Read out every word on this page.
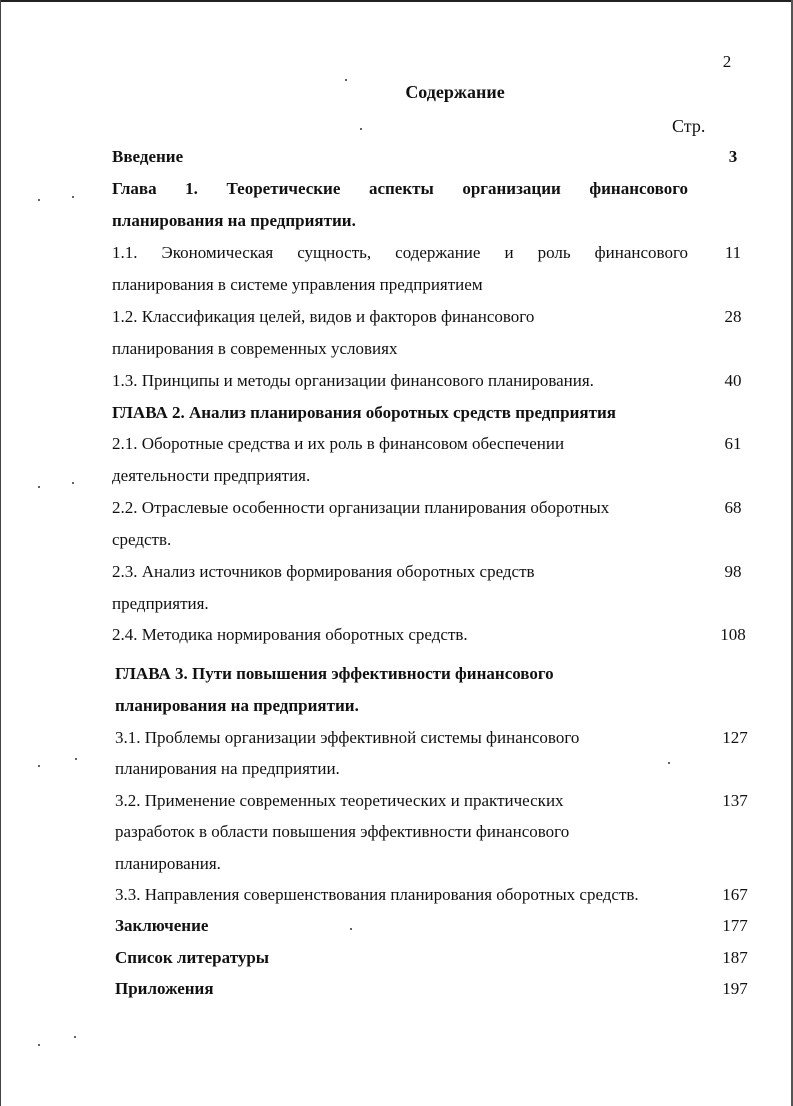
2
Содержание
Стр.
Введение	3
Глава 1. Теоретические аспекты организации финансового
планирования на предприятии.
1.1. Экономическая сущность, содержание и роль финансового	11
планирования в системе управления предприятием
1.2. Классификация целей, видов и факторов финансового	28
планирования в современных условиях
1.3. Принципы и методы организации финансового планирования.	40
ГЛАВА 2. Анализ планирования оборотных средств предприятия
2.1. Оборотные средства и их роль в финансовом обеспечении	61
деятельности предприятия.
2.2. Отраслевые особенности организации планирования оборотных	68
средств.
2.3. Анализ источников формирования оборотных средств	98
предприятия.
2.4. Методика нормирования оборотных средств.	108
ГЛАВА 3. Пути повышения эффективности финансового
планирования на предприятии.
3.1. Проблемы организации эффективной системы финансового	127
планирования на предприятии.
3.2. Применение современных теоретических и практических	137
разработок в области повышения эффективности финансового
планирования.
3.3. Направления совершенствования планирования оборотных средств.	167
Заключение	177
Список литературы	187
Приложения	197
